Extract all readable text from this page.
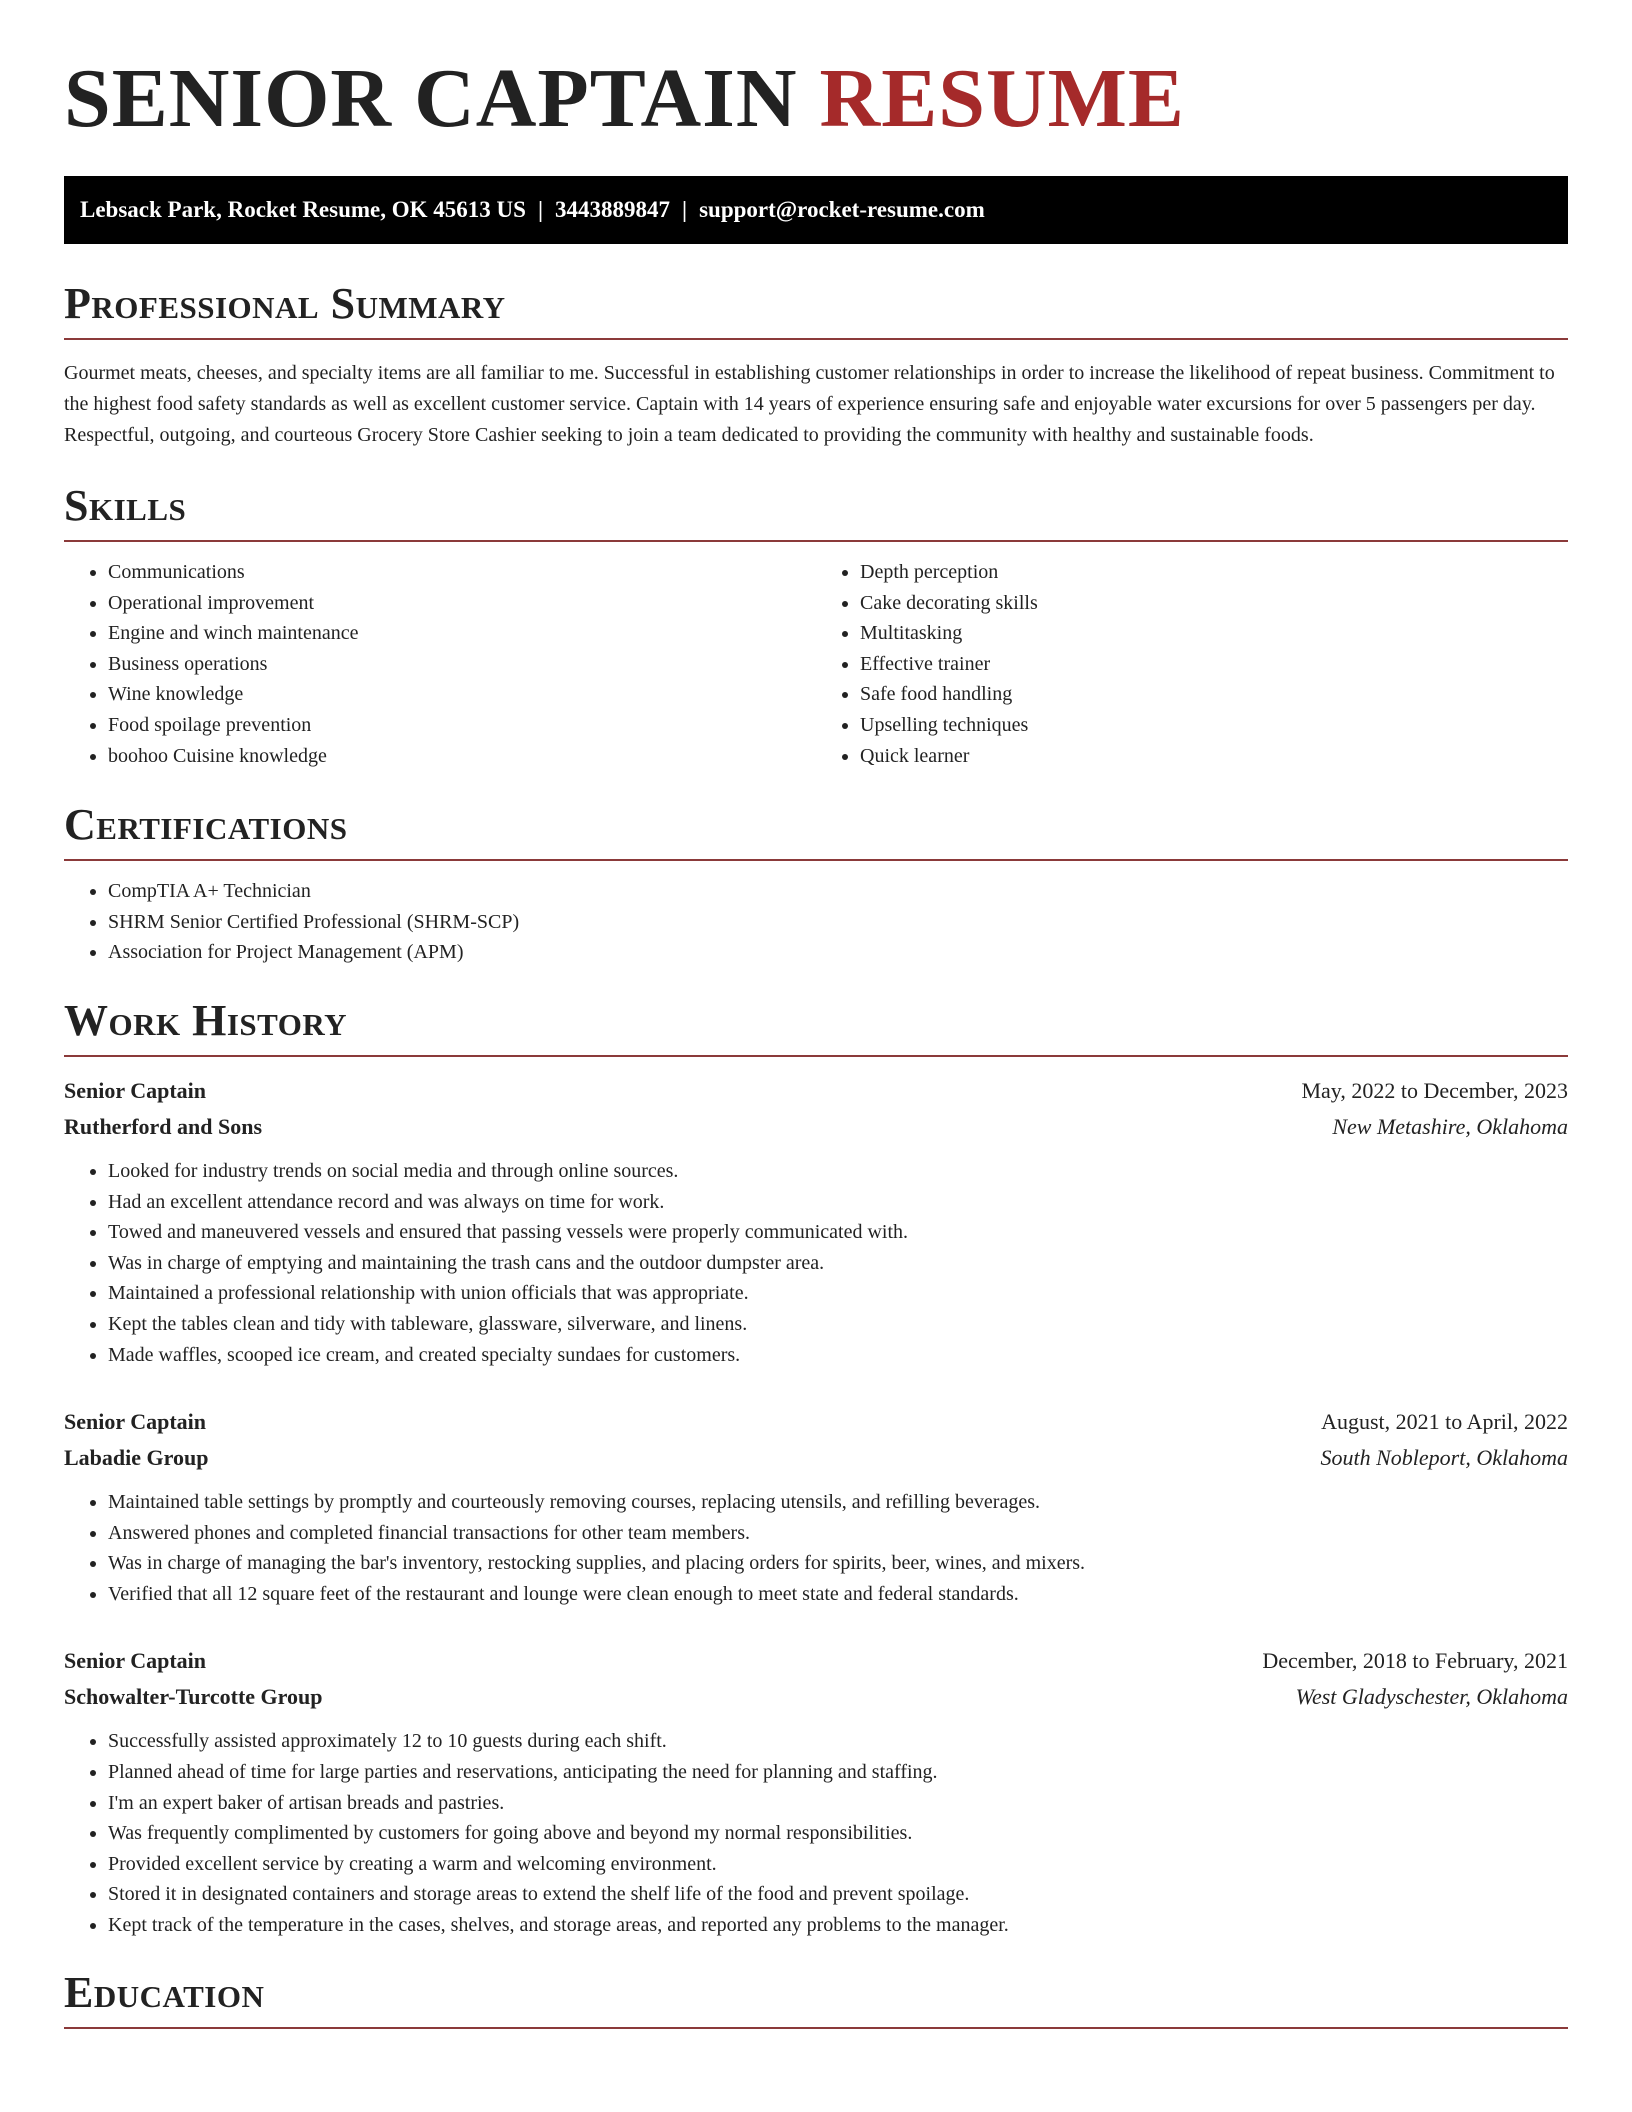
SENIOR CAPTAIN RESUME
Lebsack Park, Rocket Resume, OK 45613 US | 3443889847 | support@rocket-resume.com
Professional Summary

Gourmet meats, cheeses, and specialty items are all familiar to me. Successful in establishing customer relationships in order to increase the likelihood of repeat business. Commitment to the highest food safety standards as well as excellent customer service. Captain with 14 years of experience ensuring safe and enjoyable water excursions for over 5 passengers per day. Respectful, outgoing, and courteous Grocery Store Cashier seeking to join a team dedicated to providing the community with healthy and sustainable foods.

Skills
• Communications
• Operational improvement
• Engine and winch maintenance
• Business operations
• Wine knowledge
• Food spoilage prevention
• boohoo Cuisine knowledge
• Depth perception
• Cake decorating skills
• Multitasking
• Effective trainer
• Safe food handling
• Upselling techniques
• Quick learner
Certifications
• CompTIA A+ Technician
• SHRM Senior Certified Professional (SHRM-SCP)
• Association for Project Management (APM)
Work History
Senior Captain	May, 2022 to December, 2023
Rutherford and Sons	New Metashire, Oklahoma
• Looked for industry trends on social media and through online sources.
• Had an excellent attendance record and was always on time for work.
• Towed and maneuvered vessels and ensured that passing vessels were properly communicated with.
• Was in charge of emptying and maintaining the trash cans and the outdoor dumpster area.
• Maintained a professional relationship with union officials that was appropriate.
• Kept the tables clean and tidy with tableware, glassware, silverware, and linens.
• Made waffles, scooped ice cream, and created specialty sundaes for customers.
Senior Captain	August, 2021 to April, 2022
Labadie Group	South Nobleport, Oklahoma
• Maintained table settings by promptly and courteously removing courses, replacing utensils, and refilling beverages.
• Answered phones and completed financial transactions for other team members.
• Was in charge of managing the bar's inventory, restocking supplies, and placing orders for spirits, beer, wines, and mixers.
• Verified that all 12 square feet of the restaurant and lounge were clean enough to meet state and federal standards.
Senior Captain	December, 2018 to February, 2021
Schowalter-Turcotte Group	West Gladyschester, Oklahoma
• Successfully assisted approximately 12 to 10 guests during each shift.
• Planned ahead of time for large parties and reservations, anticipating the need for planning and staffing.
• I'm an expert baker of artisan breads and pastries.
• Was frequently complimented by customers for going above and beyond my normal responsibilities.
• Provided excellent service by creating a warm and welcoming environment.
• Stored it in designated containers and storage areas to extend the shelf life of the food and prevent spoilage.
• Kept track of the temperature in the cases, shelves, and storage areas, and reported any problems to the manager.
Education
